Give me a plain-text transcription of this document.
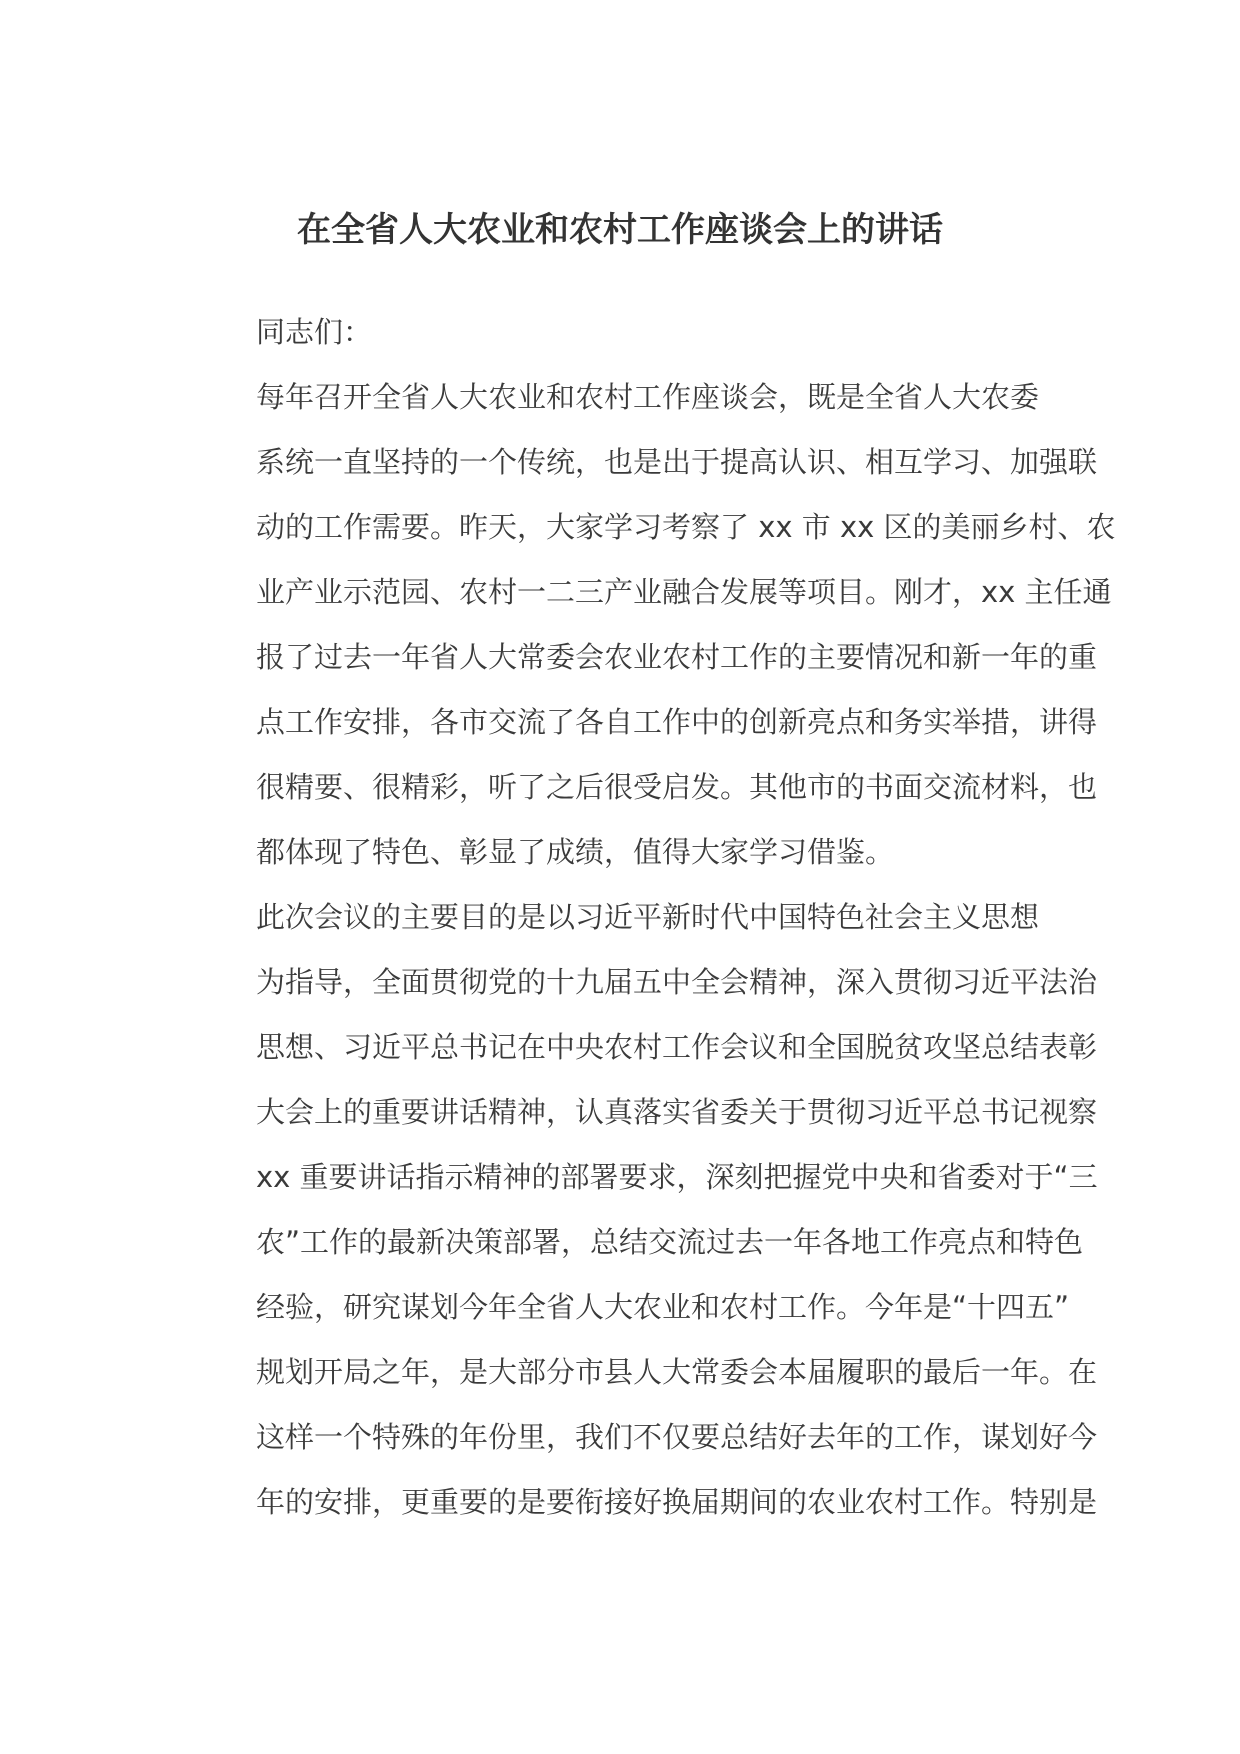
在全省人大农业和农村工作座谈会上的讲话

同志们：

每年召开全省人大农业和农村工作座谈会，既是全省人大农委
系统一直坚持的一个传统，也是出于提高认识、相互学习、加强联
动的工作需要。昨天，大家学习考察了 xx 市 xx 区的美丽乡村、农
业产业示范园、农村一二三产业融合发展等项目。刚才，xx 主任通
报了过去一年省人大常委会农业农村工作的主要情况和新一年的重
点工作安排，各市交流了各自工作中的创新亮点和务实举措，讲得
很精要、很精彩，听了之后很受启发。其他市的书面交流材料，也
都体现了特色、彰显了成绩，值得大家学习借鉴。

此次会议的主要目的是以习近平新时代中国特色社会主义思想
为指导，全面贯彻党的十九届五中全会精神，深入贯彻习近平法治
思想、习近平总书记在中央农村工作会议和全国脱贫攻坚总结表彰
大会上的重要讲话精神，认真落实省委关于贯彻习近平总书记视察
xx 重要讲话指示精神的部署要求，深刻把握党中央和省委对于“三
农”工作的最新决策部署，总结交流过去一年各地工作亮点和特色
经验，研究谋划今年全省人大农业和农村工作。今年是“十四五”
规划开局之年，是大部分市县人大常委会本届履职的最后一年。在
这样一个特殊的年份里，我们不仅要总结好去年的工作，谋划好今
年的安排，更重要的是要衔接好换届期间的农业农村工作。特别是
